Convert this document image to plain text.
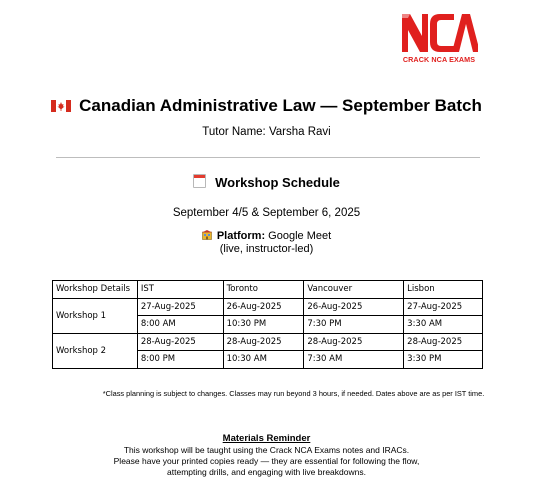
CRACK NCA EXAMS
Canadian Administrative Law — September Batch
Tutor Name: Varsha Ravi
Workshop Schedule
September 4/5 & September 6, 2025
Platform: Google Meet
(live, instructor-led)
Workshop Details	IST	Toronto	Vancouver	Lisbon
Workshop 1	27-Aug-2025	26-Aug-2025	26-Aug-2025	27-Aug-2025
	8:00 AM	10:30 PM	7:30 PM	3:30 AM
Workshop 2	28-Aug-2025	28-Aug-2025	28-Aug-2025	28-Aug-2025
	8:00 PM	10:30 AM	7:30 AM	3:30 PM
*Class planning is subject to changes. Classes may run beyond 3 hours, if needed. Dates above are as per IST time.
Materials Reminder
This workshop will be taught using the Crack NCA Exams notes and IRACs.
Please have your printed copies ready — they are essential for following the flow,
attempting drills, and engaging with live breakdowns.
